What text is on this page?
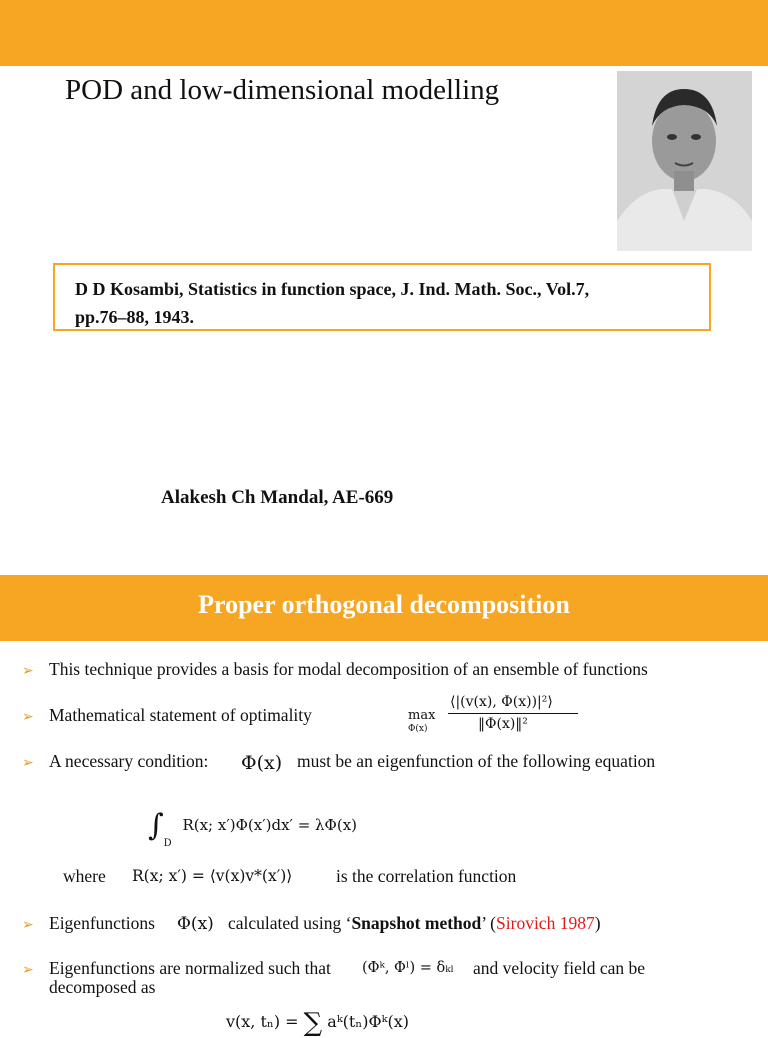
POD and low-dimensional modelling
D D Kosambi, Statistics in function space, J. Ind. Math. Soc., Vol.7,
pp.76–88, 1943.
Alakesh Ch Mandal, AE-669
Proper orthogonal decomposition
➢ This technique provides a basis for modal decomposition of an ensemble of functions
➢ Mathematical statement of optimality	max
Φ(x)
⟨|(v(x), Φ(x))|²⟩
‖Φ(x)‖²
➢ A necessary condition: Φ(x) must be an eigenfunction of the following equation
$\int_D$ R(x; x′)Φ(x′)dx′ = λΦ(x)
where R(x; x′) = ⟨v(x)v*(x′)⟩ is the correlation function
➢ Eigenfunctions Φ(x) calculated using ‘Snapshot method’ (Sirovich 1987)
➢ Eigenfunctions are normalized such that (Φᵏ, Φˡ) = δₖₗ and velocity field can be
decomposed as
v(x, tₙ) = ∑ aᵏ(tₙ)Φᵏ(x)
